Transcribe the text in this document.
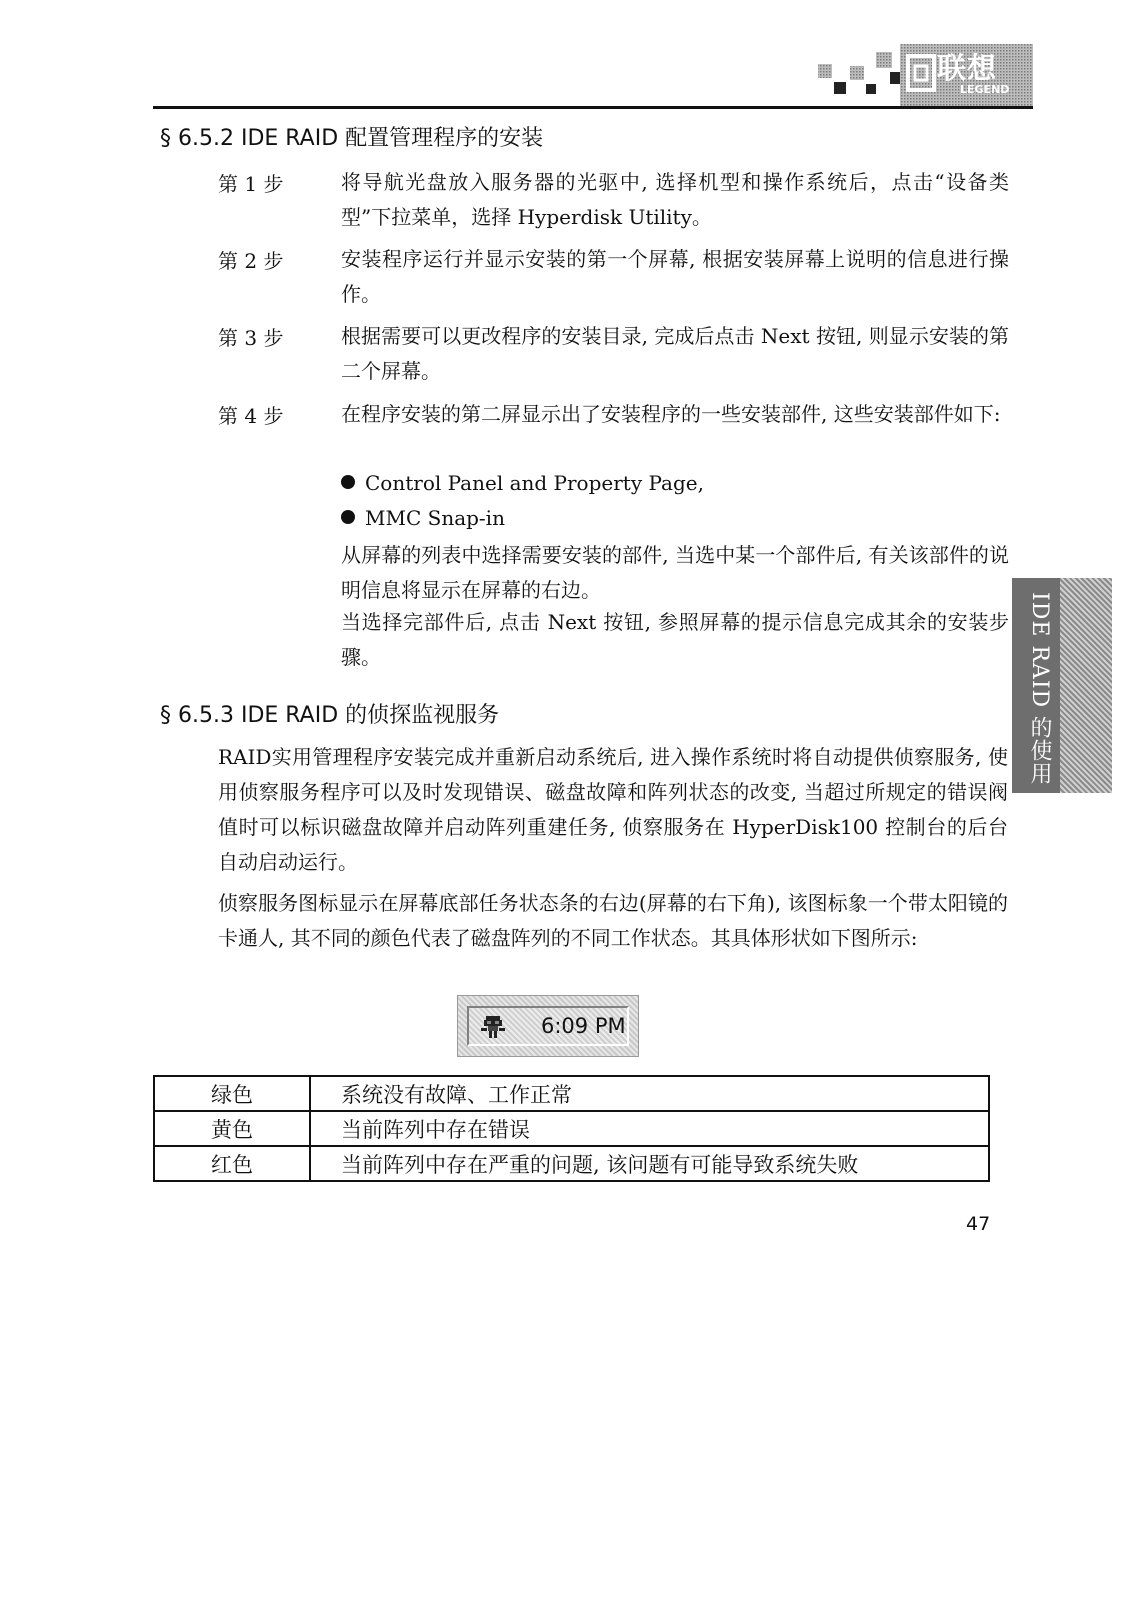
联想
LEGEND
§ 6.5.2 IDE RAID 配置管理程序的安装
第 1 步	将导航光盘放入服务器的光驱中, 选择机型和操作系统后，点击“设备类型”下拉菜单，选择 Hyperdisk Utility。
第 2 步	安装程序运行并显示安装的第一个屏幕, 根据安装屏幕上说明的信息进行操作。
第 3 步	根据需要可以更改程序的安装目录, 完成后点击 Next 按钮, 则显示安装的第二个屏幕。
第 4 步	在程序安装的第二屏显示出了安装程序的一些安装部件, 这些安装部件如下:
Control Panel and Property Page,
MMC Snap-in
从屏幕的列表中选择需要安装的部件, 当选中某一个部件后, 有关该部件的说明信息将显示在屏幕的右边。
当选择完部件后, 点击 Next 按钮, 参照屏幕的提示信息完成其余的安装步骤。
§ 6.5.3 IDE RAID 的侦探监视服务
RAID实用管理程序安装完成并重新启动系统后, 进入操作系统时将自动提供侦察服务, 使用侦察服务程序可以及时发现错误、磁盘故障和阵列状态的改变, 当超过所规定的错误阀值时可以标识磁盘故障并启动阵列重建任务, 侦察服务在 HyperDisk100 控制台的后台自动启动运行。
侦察服务图标显示在屏幕底部任务状态条的右边(屏幕的右下角), 该图标象一个带太阳镜的卡通人, 其不同的颜色代表了磁盘阵列的不同工作状态。其具体形状如下图所示:
6:09 PM
绿色	系统没有故障、工作正常
黄色	当前阵列中存在错误
红色	当前阵列中存在严重的问题, 该问题有可能导致系统失败
47
IDE RAID 的使用
